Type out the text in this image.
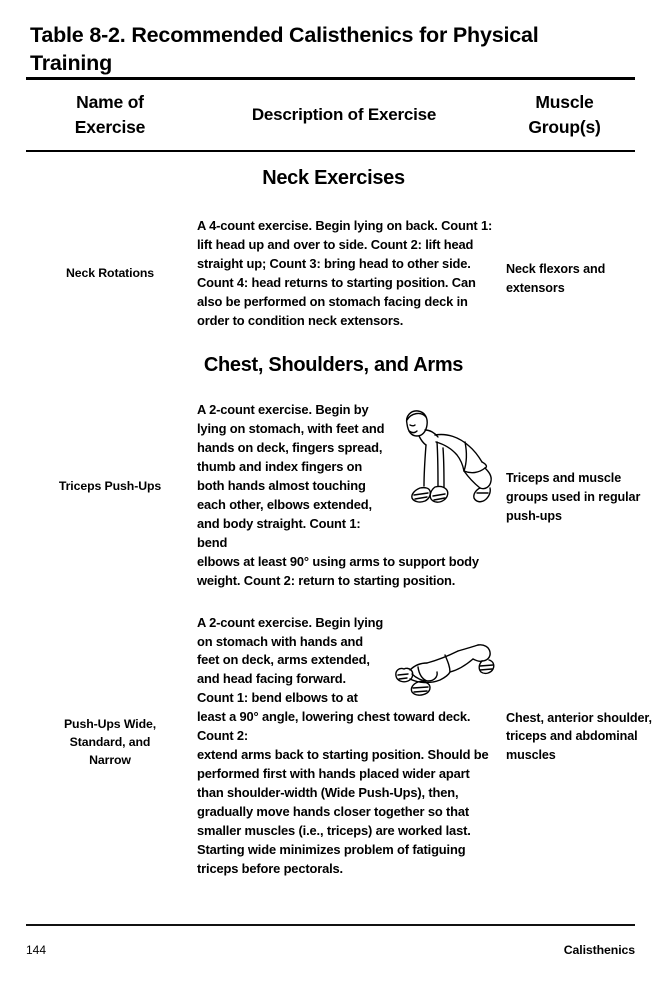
Table 8-2. Recommended Calisthenics for Physical Training
Name of
Exercise
Description of Exercise
Muscle
Group(s)
Neck Exercises
Neck Rotations
A 4-count exercise. Begin lying on back. Count 1: lift head up and over to side. Count 2: lift head straight up; Count 3: bring head to other side. Count 4: head returns to starting position. Can also be performed on stomach facing deck in order to condition neck extensors.
Neck flexors and extensors
Chest, Shoulders, and Arms
Triceps Push-Ups
A 2-count exercise. Begin by lying on stomach, with feet and hands on deck, fingers spread, thumb and index fingers on both hands almost touching each other, elbows extended, and body straight. Count 1: bend
elbows at least 90° using arms to support body weight. Count 2: return to starting position.
Triceps and muscle groups used in regular push-ups
Push-Ups Wide,
Standard, and
Narrow
A 2-count exercise. Begin lying on stomach with hands and feet on deck, arms extended, and head facing forward. Count 1: bend elbows to at least a 90° angle, lowering chest toward deck. Count 2:
extend arms back to starting position. Should be performed first with hands placed wider apart than shoulder-width (Wide Push-Ups), then, gradually move hands closer together so that smaller muscles (i.e., triceps) are worked last. Starting wide minimizes problem of fatiguing triceps before pectorals.
Chest, anterior shoulder, triceps and abdominal muscles
144	Calisthenics
